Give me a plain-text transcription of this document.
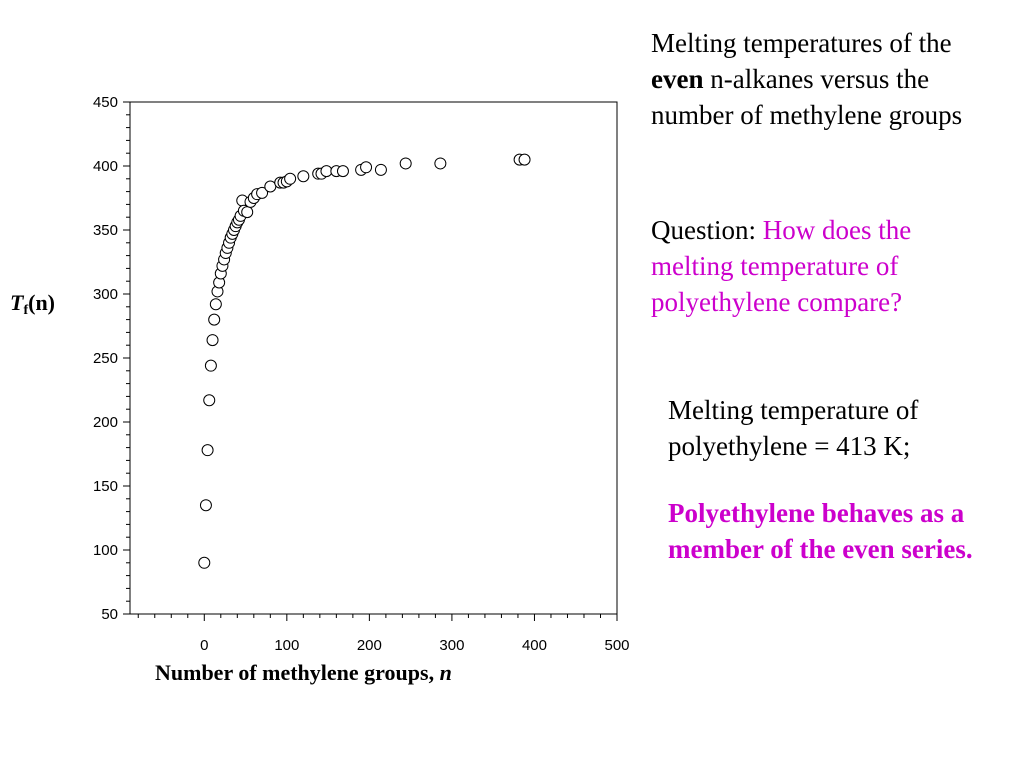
50
100
150
200
250
300
350
400
450
0	100	200	300	400	500
$T_f(n)$
Number of methylene groups, n

Melting temperatures of the even n-alkanes versus the number of methylene groups

Question: How does the melting temperature of polyethylene compare?

Melting temperature of polyethylene = 413 K;

Polyethylene behaves as a member of the even series.
